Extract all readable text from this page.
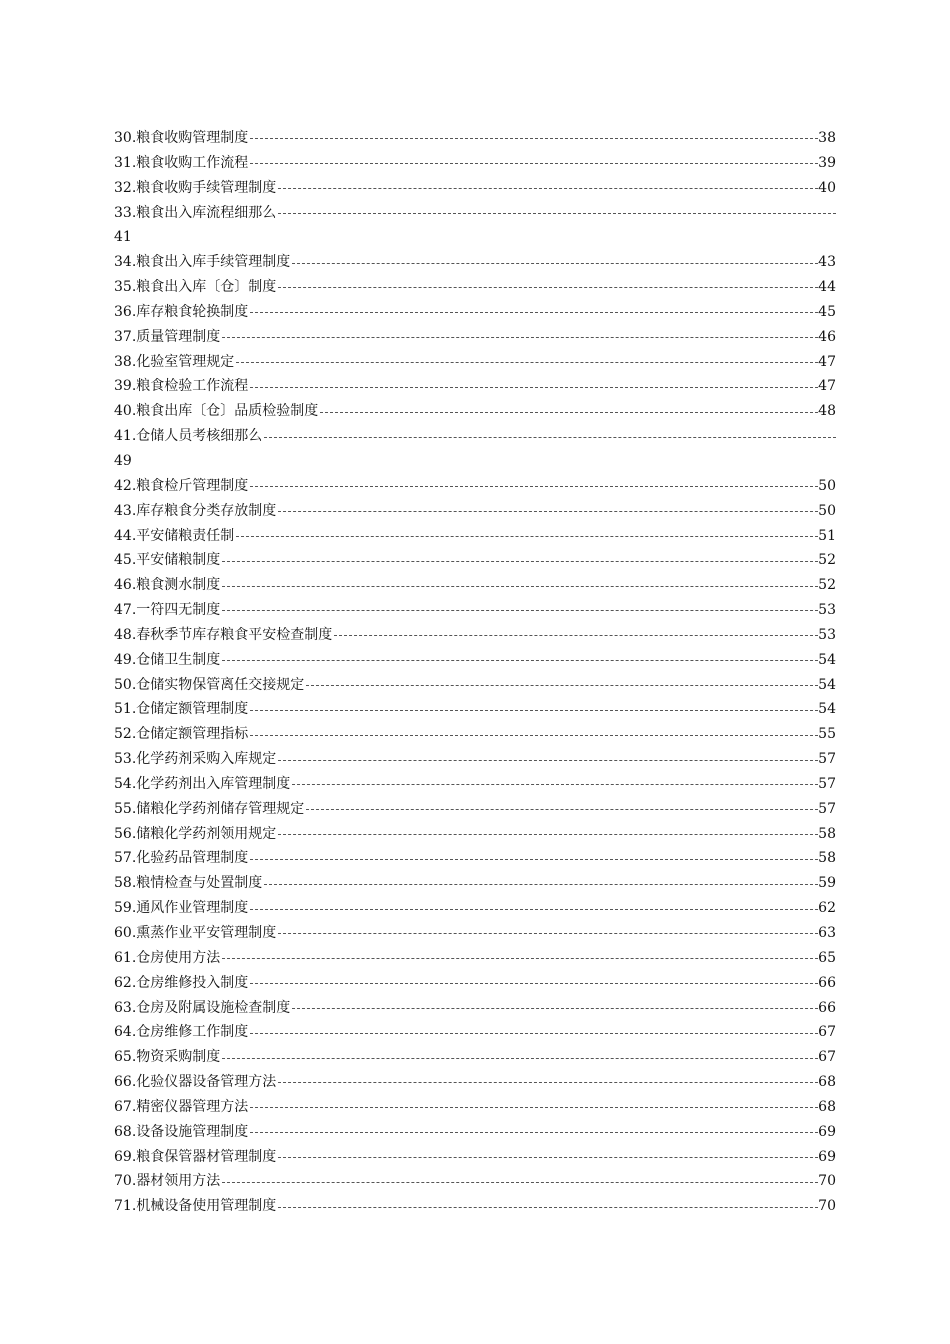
30.粮食收购管理制度	38
31.粮食收购工作流程	39
32.粮食收购手续管理制度	40
33.粮食出入库流程细那么
41
34.粮食出入库手续管理制度	43
35.粮食出入库〔仓〕制度	44
36.库存粮食轮换制度	45
37.质量管理制度	46
38.化验室管理规定	47
39.粮食检验工作流程	47
40.粮食出库〔仓〕品质检验制度	48
41.仓储人员考核细那么
49
42.粮食检斤管理制度	50
43.库存粮食分类存放制度	50
44.平安储粮责任制	51
45.平安储粮制度	52
46.粮食测水制度	52
47.一符四无制度	53
48.春秋季节库存粮食平安检查制度	53
49.仓储卫生制度	54
50.仓储实物保管离任交接规定	54
51.仓储定额管理制度	54
52.仓储定额管理指标	55
53.化学药剂采购入库规定	57
54.化学药剂出入库管理制度	57
55.储粮化学药剂储存管理规定	57
56.储粮化学药剂领用规定	58
57.化验药品管理制度	58
58.粮情检查与处置制度	59
59.通风作业管理制度	62
60.熏蒸作业平安管理制度	63
61.仓房使用方法	65
62.仓房维修投入制度	66
63.仓房及附属设施检查制度	66
64.仓房维修工作制度	67
65.物资采购制度	67
66.化验仪器设备管理方法	68
67.精密仪器管理方法	68
68.设备设施管理制度	69
69.粮食保管器材管理制度	69
70.器材领用方法	70
71.机械设备使用管理制度	70
